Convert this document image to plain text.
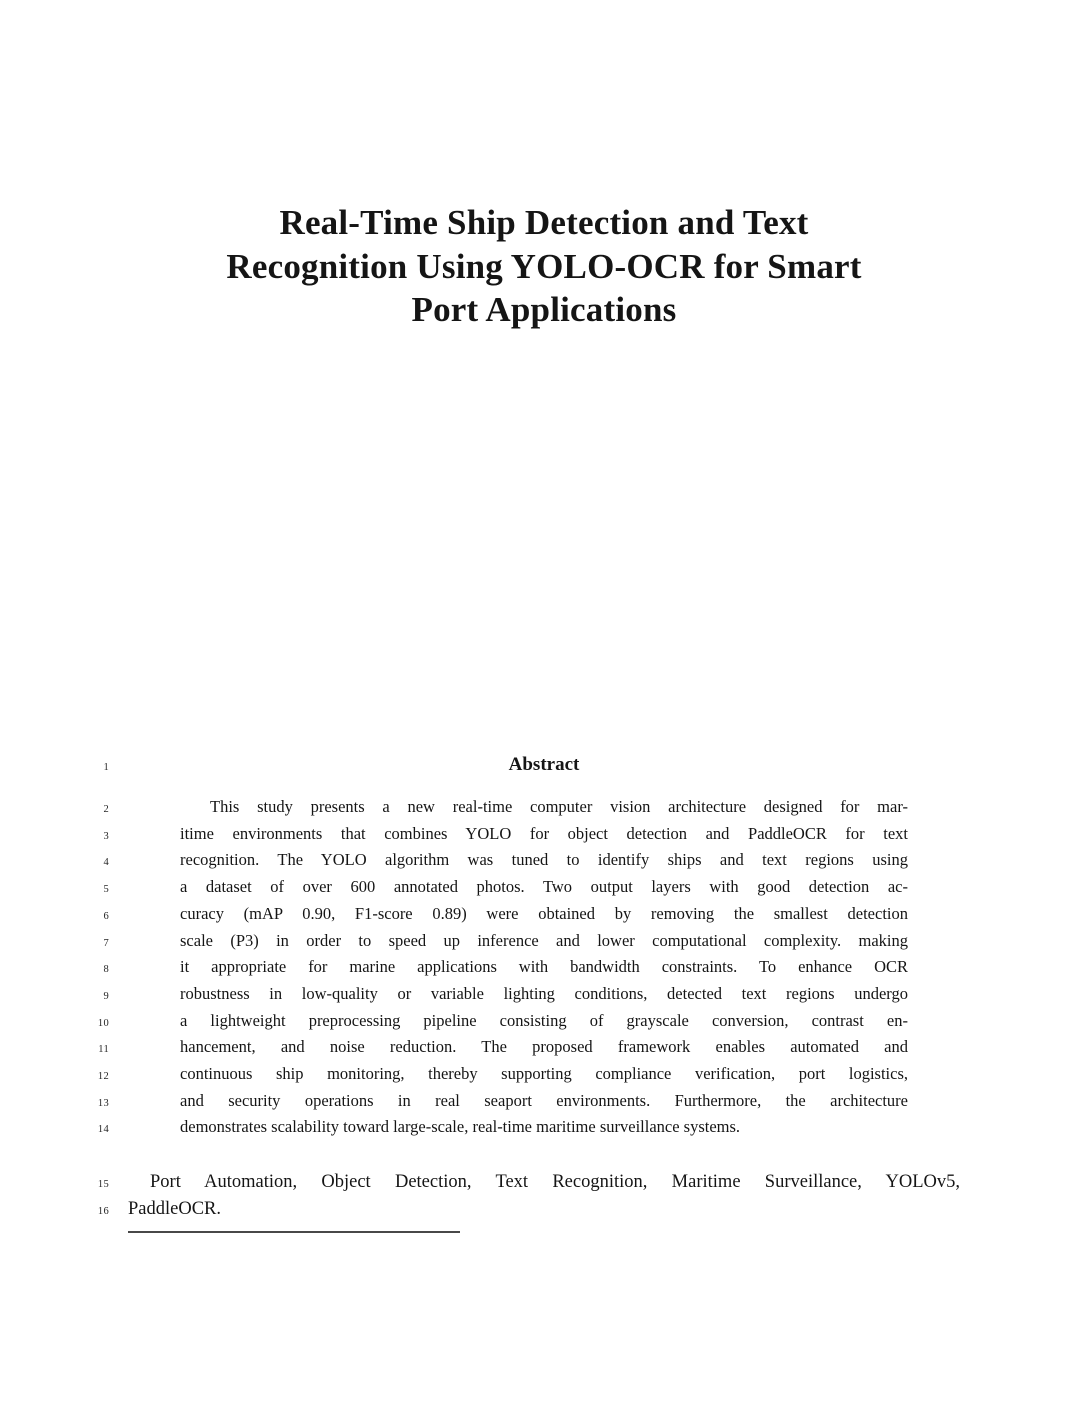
Real-Time Ship Detection and Text
Recognition Using YOLO-OCR for Smart
Port Applications
1	Abstract
2	This study presents a new real-time computer vision architecture designed for mar-
3	itime environments that combines YOLO for object detection and PaddleOCR for text
4	recognition. The YOLO algorithm was tuned to identify ships and text regions using
5	a dataset of over 600 annotated photos. Two output layers with good detection ac-
6	curacy (mAP 0.90, F1-score 0.89) were obtained by removing the smallest detection
7	scale (P3) in order to speed up inference and lower computational complexity. making
8	it appropriate for marine applications with bandwidth constraints. To enhance OCR
9	robustness in low-quality or variable lighting conditions, detected text regions undergo
10	a lightweight preprocessing pipeline consisting of grayscale conversion, contrast en-
11	hancement, and noise reduction. The proposed framework enables automated and
12	continuous ship monitoring, thereby supporting compliance verification, port logistics,
13	and security operations in real seaport environments. Furthermore, the architecture
14	demonstrates scalability toward large-scale, real-time maritime surveillance systems.
15	Port Automation, Object Detection, Text Recognition, Maritime Surveillance, YOLOv5,
16 PaddleOCR.
